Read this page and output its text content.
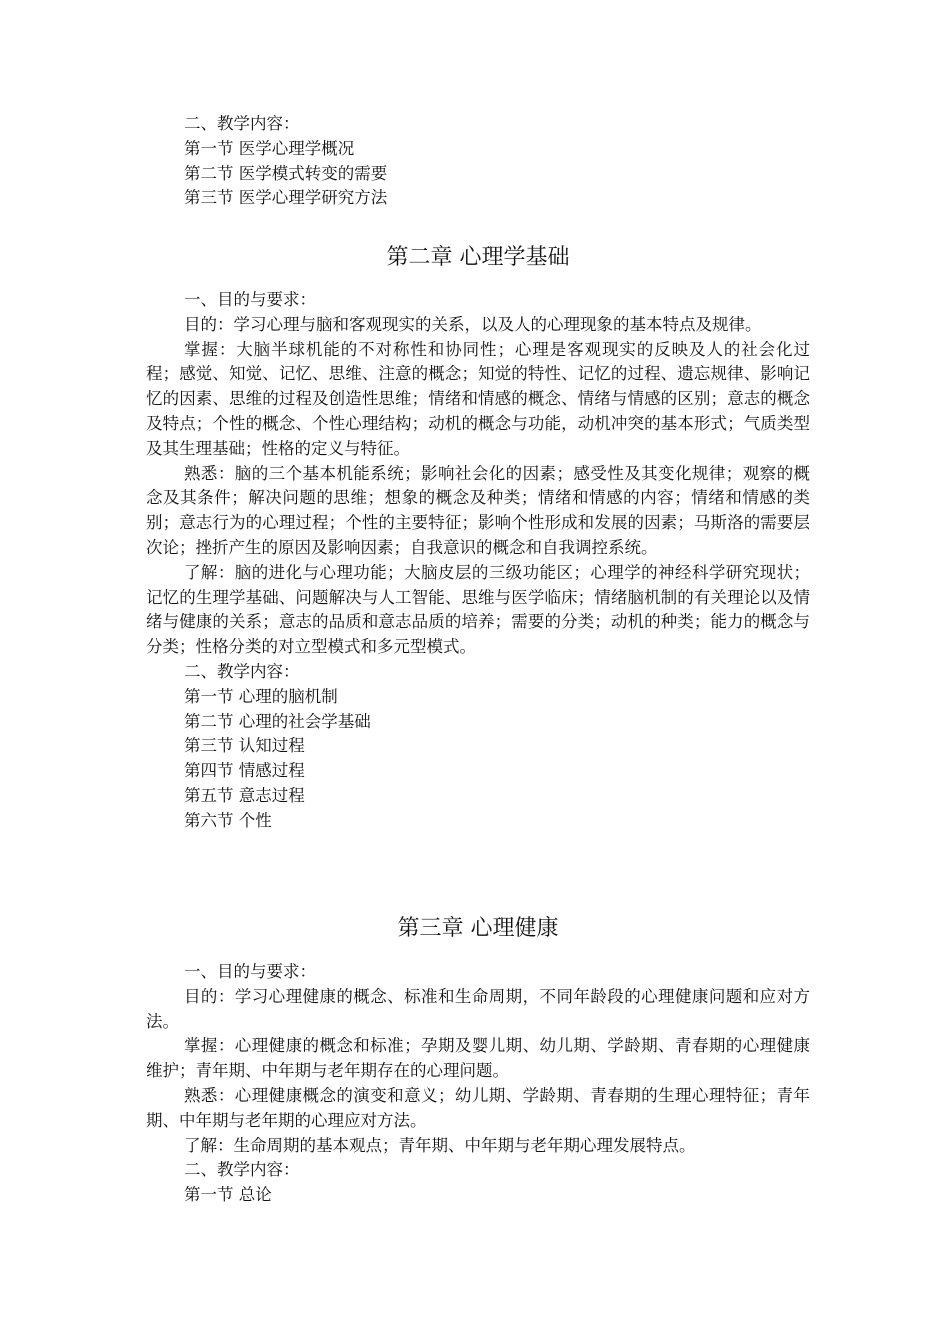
二、教学内容：
第一节 医学心理学概况
第二节 医学模式转变的需要
第三节 医学心理学研究方法
第二章 心理学基础
一、目的与要求：
目的：学习心理与脑和客观现实的关系，以及人的心理现象的基本特点及规律。
掌握：大脑半球机能的不对称性和协同性；心理是客观现实的反映及人的社会化过程；感觉、知觉、记忆、思维、注意的概念；知觉的特性、记忆的过程、遗忘规律、影响记忆的因素、思维的过程及创造性思维；情绪和情感的概念、情绪与情感的区别；意志的概念及特点；个性的概念、个性心理结构；动机的概念与功能，动机冲突的基本形式；气质类型及其生理基础；性格的定义与特征。
熟悉：脑的三个基本机能系统；影响社会化的因素；感受性及其变化规律；观察的概念及其条件；解决问题的思维；想象的概念及种类；情绪和情感的内容；情绪和情感的类别；意志行为的心理过程；个性的主要特征；影响个性形成和发展的因素；马斯洛的需要层次论；挫折产生的原因及影响因素；自我意识的概念和自我调控系统。
了解：脑的进化与心理功能；大脑皮层的三级功能区；心理学的神经科学研究现状；记忆的生理学基础、问题解决与人工智能、思维与医学临床；情绪脑机制的有关理论以及情绪与健康的关系；意志的品质和意志品质的培养；需要的分类；动机的种类；能力的概念与分类；性格分类的对立型模式和多元型模式。
二、教学内容：
第一节 心理的脑机制
第二节 心理的社会学基础
第三节 认知过程
第四节 情感过程
第五节 意志过程
第六节 个性
第三章 心理健康
一、目的与要求：
目的：学习心理健康的概念、标准和生命周期，不同年龄段的心理健康问题和应对方法。
掌握：心理健康的概念和标准；孕期及婴儿期、幼儿期、学龄期、青春期的心理健康维护；青年期、中年期与老年期存在的心理问题。
熟悉：心理健康概念的演变和意义；幼儿期、学龄期、青春期的生理心理特征；青年期、中年期与老年期的心理应对方法。
了解：生命周期的基本观点；青年期、中年期与老年期心理发展特点。
二、教学内容：
第一节 总论
